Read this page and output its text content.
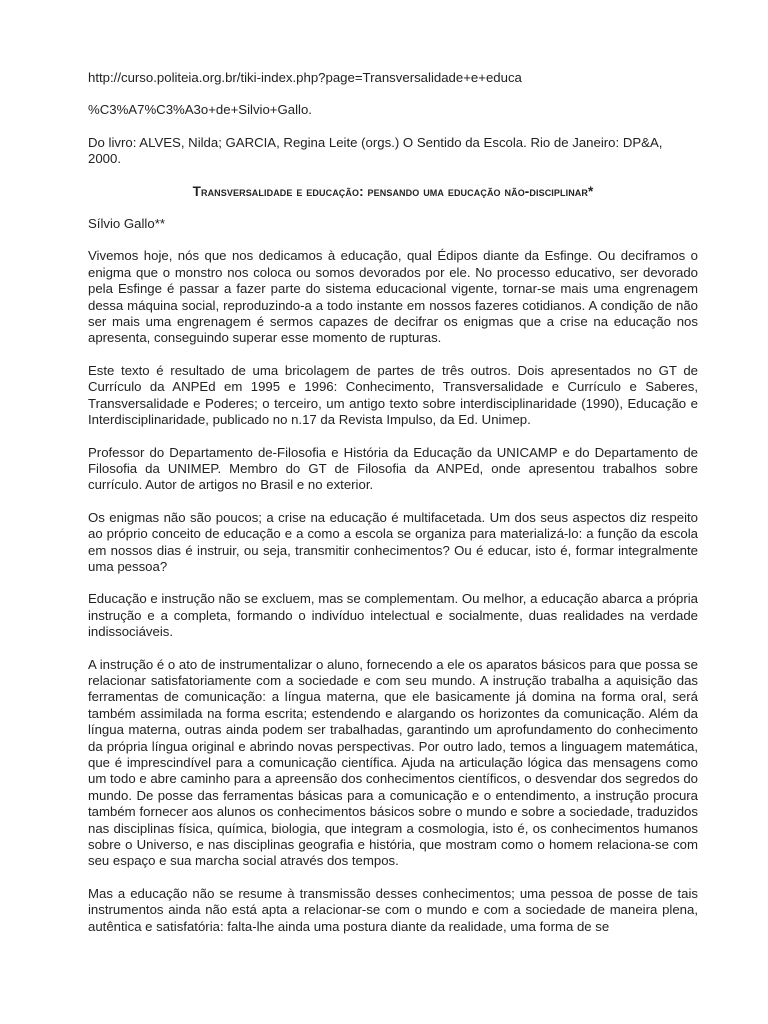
http://curso.politeia.org.br/tiki-index.php?page=Transversalidade+e+educa

%C3%A7%C3%A3o+de+Silvio+Gallo.

Do livro: ALVES, Nilda; GARCIA, Regina Leite (orgs.) O Sentido da Escola. Rio de Janeiro: DP&A, 2000.

Transversalidade e educação: pensando uma educação não-disciplinar*

Sílvio Gallo**

Vivemos hoje, nós que nos dedicamos à educação, qual Édipos diante da Esfinge. Ou deciframos o enigma que o monstro nos coloca ou somos devorados por ele. No processo educativo, ser devorado pela Esfinge é passar a fazer parte do sistema educacional vigente, tornar-se mais uma engrenagem dessa máquina social, reproduzindo-a a todo instante em nossos fazeres cotidianos. A condição de não ser mais uma engrenagem é sermos capazes de decifrar os enigmas que a crise na educação nos apresenta, conseguindo superar esse momento de rupturas.

Este texto é resultado de uma bricolagem de partes de três outros. Dois apresentados no GT de Currículo da ANPEd em 1995 e 1996: Conhecimento, Transversalidade e Currículo e Saberes, Transversalidade e Poderes; o terceiro, um antigo texto sobre interdisciplinaridade (1990), Educação e Interdisciplinaridade, publicado no n.17 da Revista Impulso, da Ed. Unimep.

Professor do Departamento de-Filosofia e História da Educação da UNICAMP e do Departamento de Filosofia da UNIMEP. Membro do GT de Filosofia da ANPEd, onde apresentou trabalhos sobre currículo. Autor de artigos no Brasil e no exterior.

Os enigmas não são poucos; a crise na educação é multifacetada. Um dos seus aspectos diz respeito ao próprio conceito de educação e a como a escola se organiza para materializá-lo: a função da escola em nossos dias é instruir, ou seja, transmitir conhecimentos? Ou é educar, isto é, formar integralmente uma pessoa?

Educação e instrução não se excluem, mas se complementam. Ou melhor, a educação abarca a própria instrução e a completa, formando o indivíduo intelectual e socialmente, duas realidades na verdade indissociáveis.

A instrução é o ato de instrumentalizar o aluno, fornecendo a ele os aparatos básicos para que possa se relacionar satisfatoriamente com a sociedade e com seu mundo. A instrução trabalha a aquisição das ferramentas de comunicação: a língua materna, que ele basicamente já domina na forma oral, será também assimilada na forma escrita; estendendo e alargando os horizontes da comunicação. Além da língua materna, outras ainda podem ser trabalhadas, garantindo um aprofundamento do conhecimento da própria língua original e abrindo novas perspectivas. Por outro lado, temos a linguagem matemática, que é imprescindível para a comunicação científica. Ajuda na articulação lógica das mensagens como um todo e abre caminho para a apreensão dos conhecimentos científicos, o desvendar dos segredos do mundo. De posse das ferramentas básicas para a comunicação e o entendimento, a instrução procura também fornecer aos alunos os conhecimentos básicos sobre o mundo e sobre a sociedade, traduzidos nas disciplinas física, química, biologia, que integram a cosmologia, isto é, os conhecimentos humanos sobre o Universo, e nas disciplinas geografia e história, que mostram como o homem relaciona-se com seu espaço e sua marcha social através dos tempos.

Mas a educação não se resume à transmissão desses conhecimentos; uma pessoa de posse de tais instrumentos ainda não está apta a relacionar-se com o mundo e com a sociedade de maneira plena, autêntica e satisfatória: falta-lhe ainda uma postura diante da realidade, uma forma de se
